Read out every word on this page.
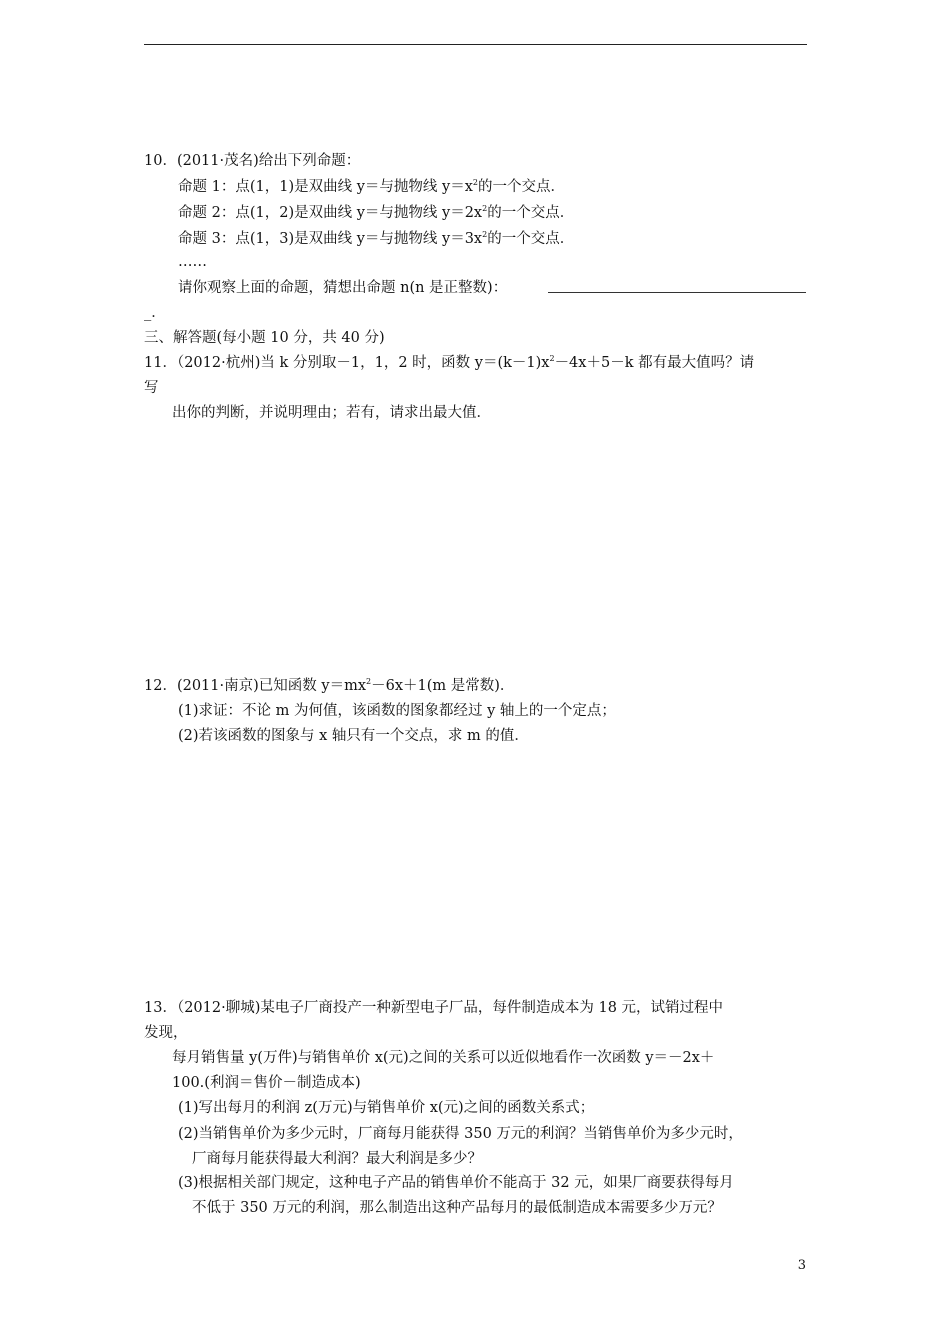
10．(2011·茂名)给出下列命题：
命题 1：点(1，1)是双曲线 y＝与抛物线 $y=x^2$的一个交点．
命题 2：点(1，2)是双曲线 y＝与抛物线 $y=2x^2$的一个交点．
命题 3：点(1，3)是双曲线 y＝与抛物线 $y=3x^2$的一个交点．
……
请你观察上面的命题，猜想出命题 n(n 是正整数)：
_．
三、解答题(每小题 10 分，共 40 分)
11．（2012·杭州)当 k 分别取－1，1，2 时，函数 $y=(k-1)x^2-4x+5-k$ 都有最大值吗？请
写
出你的判断，并说明理由；若有，请求出最大值．
12．(2011·南京)已知函数 $y=mx^2-6x+1(m$ 是常数)．
(1)求证：不论 m 为何值，该函数的图象都经过 y 轴上的一个定点；
(2)若该函数的图象与 x 轴只有一个交点，求 m 的值．
13．（2012·聊城)某电子厂商投产一种新型电子厂品，每件制造成本为 18 元，试销过程中
发现，
每月销售量 y(万件)与销售单价 x(元)之间的关系可以近似地看作一次函数 y＝－2x＋
100.(利润＝售价－制造成本)
(1)写出每月的利润 z(万元)与销售单价 x(元)之间的函数关系式；
(2)当销售单价为多少元时，厂商每月能获得 350 万元的利润？当销售单价为多少元时，
厂商每月能获得最大利润？最大利润是多少？
(3)根据相关部门规定，这种电子产品的销售单价不能高于 32 元，如果厂商要获得每月
不低于 350 万元的利润，那么制造出这种产品每月的最低制造成本需要多少万元？
3
